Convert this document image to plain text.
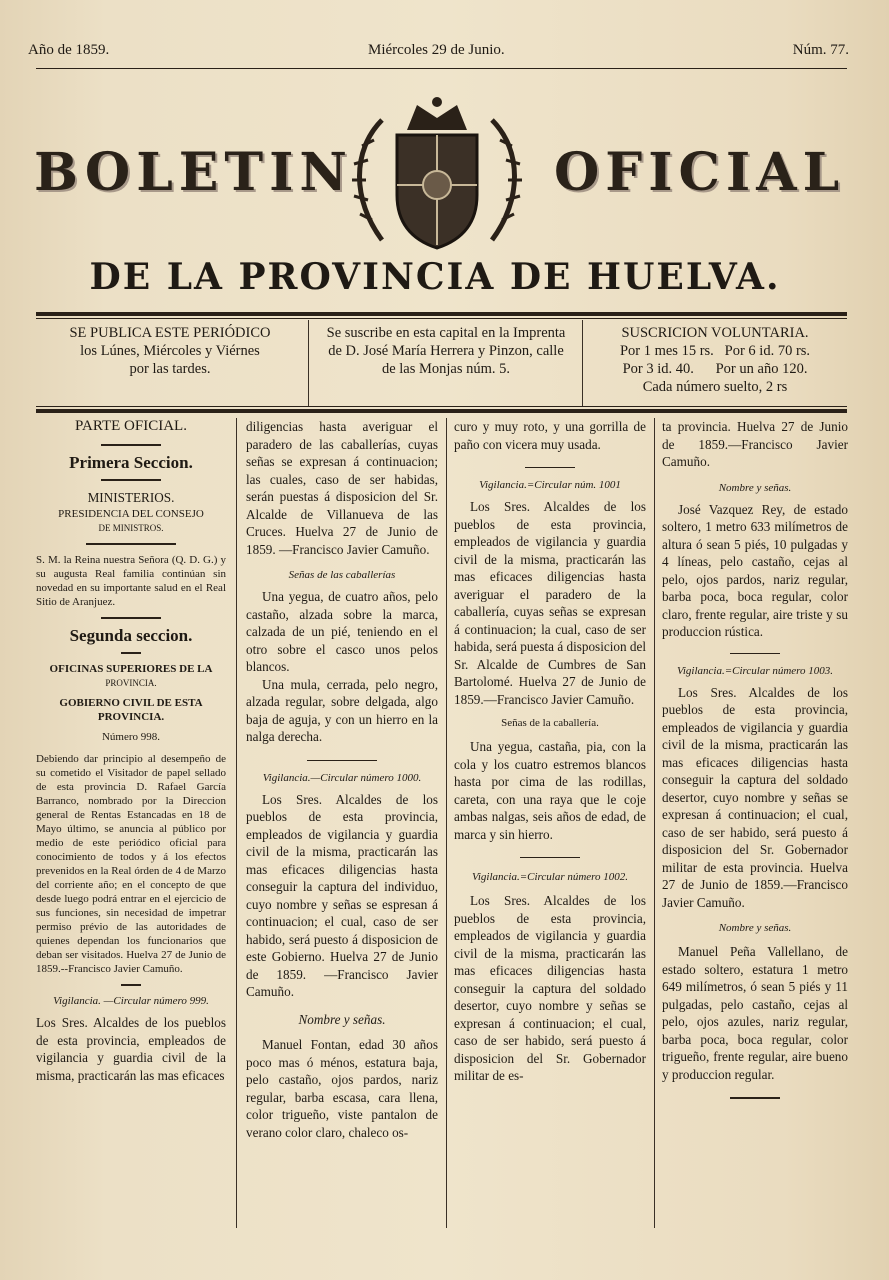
Año de 1859.	Miércoles 29 de Junio.	Núm. 77.
BOLETIN	OFICIAL
DE LA PROVINCIA DE HUELVA.
SE PUBLICA ESTE PERIÓDICO
los Lúnes, Miércoles y Viérnes
por las tardes.
Se suscribe en esta capital en la Imprenta
de D. José María Herrera y Pinzon, calle
de las Monjas núm. 5.
SUSCRICION VOLUNTARIA.
Por 1 mes 15 rs.   Por 6 id. 70 rs.
Por 3 id. 40.      Por un año 120.
Cada número suelto, 2 rs

PARTE OFICIAL.

Primera Seccion.

MINISTERIOS.

PRESIDENCIA DEL CONSEJO

DE MINISTROS.

S. M. la Reina nuestra Señora (Q. D. G.) y su augusta Real familia continúan sin novedad en su importante salud en el Real Sitio de Aranjuez.

Segunda seccion.

OFICINAS SUPERIORES DE LA

PROVINCIA.

GOBIERNO CIVIL DE ESTA PROVINCIA.

Número 998.

Debiendo dar principio al desempeño de su cometido el Visitador de papel sellado de esta provincia D. Rafael García Barranco, nombrado por la Direccion general de Rentas Estancadas en 18 de Mayo último, se anuncia al público por medio de este periódico oficial para conocimiento de todos y á los efectos prevenidos en la Real órden de 4 de Marzo del corriente año; en el concepto de que desde luego podrá entrar en el ejercicio de sus funciones, sin necesidad de impetrar permiso prévio de las autoridades de quienes dependan los funcionarios que deban ser visitados. Huelva 27 de Junio de 1859.--Francisco Javier Camuño.

Vigilancia. —Circular número 999.

Los Sres. Alcaldes de los pueblos de esta provincia, empleados de vigilancia y guardia civil de la misma, practicarán las mas eficaces

diligencias hasta averiguar el paradero de las caballerías, cuyas señas se expresan á continuacion; las cuales, caso de ser habidas, serán puestas á disposicion del Sr. Alcalde de Villanueva de las Cruces. Huelva 27 de Junio de 1859. —Francisco Javier Camuño.

Señas de las caballerías

Una yegua, de cuatro años, pelo castaño, alzada sobre la marca, calzada de un pié, teniendo en el otro sobre el casco unos pelos blancos.

Una mula, cerrada, pelo negro, alzada regular, sobre delgada, algo baja de aguja, y con un hierro en la nalga derecha.

Vigilancia.—Circular número 1000.

Los Sres. Alcaldes de los pueblos de esta provincia, empleados de vigilancia y guardia civil de la misma, practicarán las mas eficaces diligencias hasta conseguir la captura del individuo, cuyo nombre y señas se espresan á continuacion; el cual, caso de ser habido, será puesto á disposicion de este Gobierno. Huelva 27 de Junio de 1859. —Francisco Javier Camuño.

Nombre y señas.

Manuel Fontan, edad 30 años poco mas ó ménos, estatura baja, pelo castaño, ojos pardos, nariz regular, barba escasa, cara llena, color trigueño, viste pantalon de verano color claro, chaleco os-

curo y muy roto, y una gorrilla de paño con vicera muy usada.

Vigilancia.=Circular núm. 1001

Los Sres. Alcaldes de los pueblos de esta provincia, empleados de vigilancia y guardia civil de la misma, practicarán las mas eficaces diligencias hasta averiguar el paradero de la caballería, cuyas señas se expresan á continuacion; la cual, caso de ser habida, será puesta á disposicion del Sr. Alcalde de Cumbres de San Bartolomé. Huelva 27 de Junio de 1859.—Francisco Javier Camuño.

Señas de la caballería.

Una yegua, castaña, pia, con la cola y los cuatro estremos blancos hasta por cima de las rodillas, careta, con una raya que le coje ambas nalgas, seis años de edad, de marca y sin hierro.

Vigilancia.=Circular número 1002.

Los Sres. Alcaldes de los pueblos de esta provincia, empleados de vigilancia y guardia civil de la misma, practicarán las mas eficaces diligencias hasta conseguir la captura del soldado desertor, cuyo nombre y señas se expresan á continuacion; el cual, caso de ser habido, será puesto á disposicion del Sr. Gobernador militar de es-

ta provincia. Huelva 27 de Junio de 1859.—Francisco Javier Camuño.

Nombre y señas.

José Vazquez Rey, de estado soltero, 1 metro 633 milímetros de altura ó sean 5 piés, 10 pulgadas y 4 líneas, pelo castaño, cejas al pelo, ojos pardos, nariz regular, barba poca, boca regular, color claro, frente regular, aire triste y su produccion rústica.

Vigilancia.=Circular número 1003.

Los Sres. Alcaldes de los pueblos de esta provincia, empleados de vigilancia y guardia civil de la misma, practicarán las mas eficaces diligencias hasta conseguir la captura del soldado desertor, cuyo nombre y señas se expresan á continuacion; el cual, caso de ser habido, será puesto á disposicion del Sr. Gobernador militar de esta provincia. Huelva 27 de Junio de 1859.—Francisco Javier Camuño.

Nombre y señas.

Manuel Peña Vallellano, de estado soltero, estatura 1 metro 649 milímetros, ó sean 5 piés y 11 pulgadas, pelo castaño, cejas al pelo, ojos azules, nariz regular, barba poca, boca regular, color trigueño, frente regular, aire bueno y produccion regular.
